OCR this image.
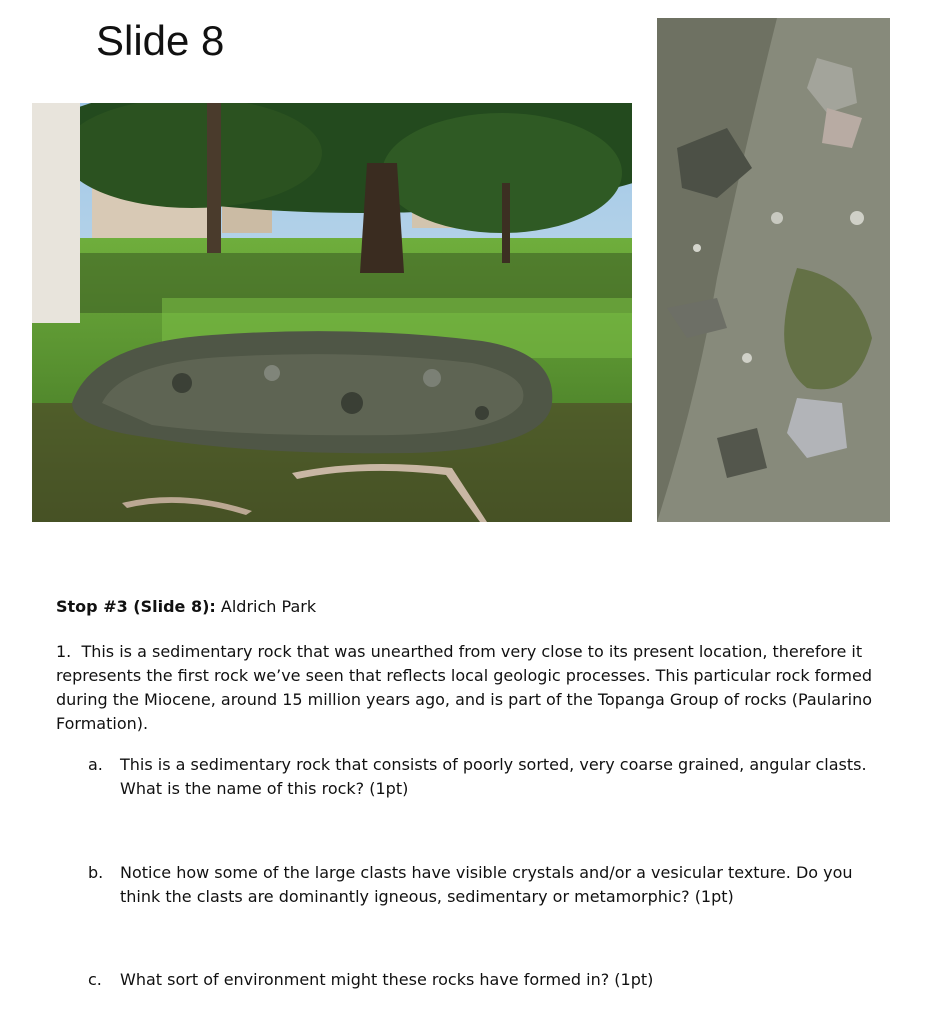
Slide 8
Stop #3 (Slide 8): Aldrich Park
1. This is a sedimentary rock that was unearthed from very close to its present location, therefore it represents the first rock we’ve seen that reflects local geologic processes. This particular rock formed during the Miocene, around 15 million years ago, and is part of the Topanga Group of rocks (Paularino Formation).
a. This is a sedimentary rock that consists of poorly sorted, very coarse grained, angular clasts. What is the name of this rock? (1pt)
b. Notice how some of the large clasts have visible crystals and/or a vesicular texture. Do you think the clasts are dominantly igneous, sedimentary or metamorphic? (1pt)
c. What sort of environment might these rocks have formed in? (1pt)
